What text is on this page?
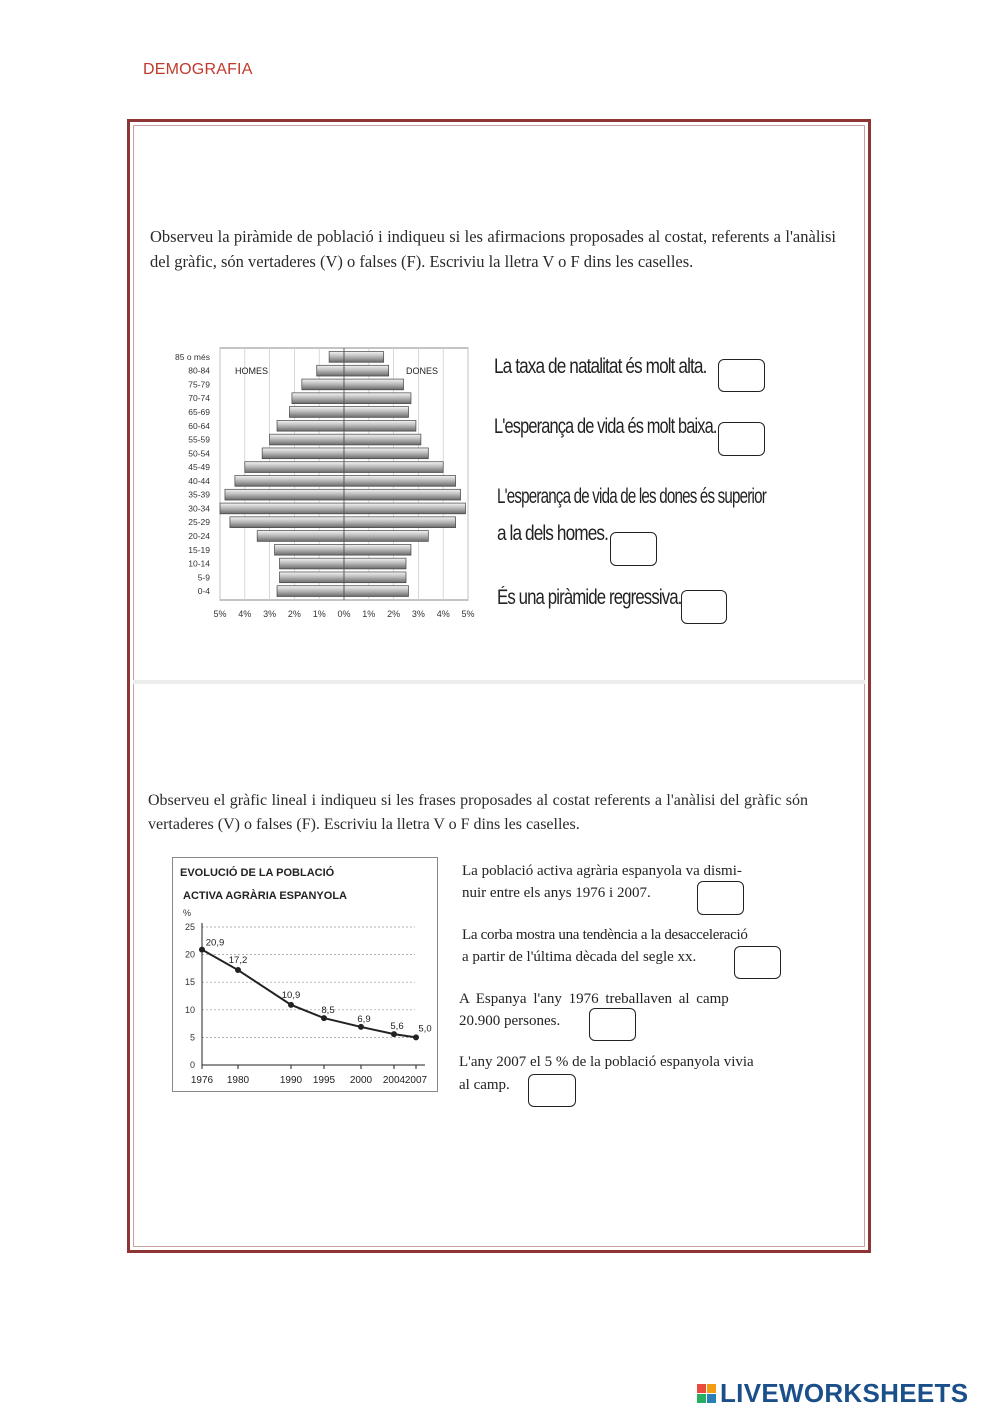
DEMOGRAFIA
Observeu la piràmide de població i indiqueu si les afirmacions proposades al costat, referents a l'anàlisi del gràfic, són vertaderes (V) o falses (F). Escriviu la lletra V o F dins les caselles.
0-4
5-9
10-14
15-19
20-24
25-29
30-34
35-39
40-44
45-49
50-54
55-59
60-64
65-69
70-74
75-79
80-84
85 o més
5% 4% 3% 2% 1% 0% 1% 2% 3% 4% 5%
HOMES	DONES	La taxa de natalitat és molt alta.
L'esperança de vida és molt baixa.
L'esperança de vida de les dones és superior
a la dels homes.
És una piràmide regressiva.
Observeu el gràfic lineal i indiqueu si les frases proposades al costat referents a l'anàlisi del gràfic són vertaderes (V) o falses (F). Escriviu la lletra V o F dins les caselles.
EVOLUCIÓ DE LA POBLACIÓ
ACTIVA AGRÀRIA ESPANYOLA
%
0
5
10
15
20
25
1976 1980	1990 1995 2000 2004 2007
20,9
17,2
10,9
8,5
6,9
5,6 5,0
La població activa agrària espanyola va dismi-
nuir entre els anys 1976 i 2007.
La corba mostra una tendència a la desacceleració
a partir de l'última dècada del segle xx.
A Espanya l'any 1976 treballaven al camp
20.900 persones.
L'any 2007 el 5 % de la població espanyola vivia
al camp.
LIVEWORKSHEETS
